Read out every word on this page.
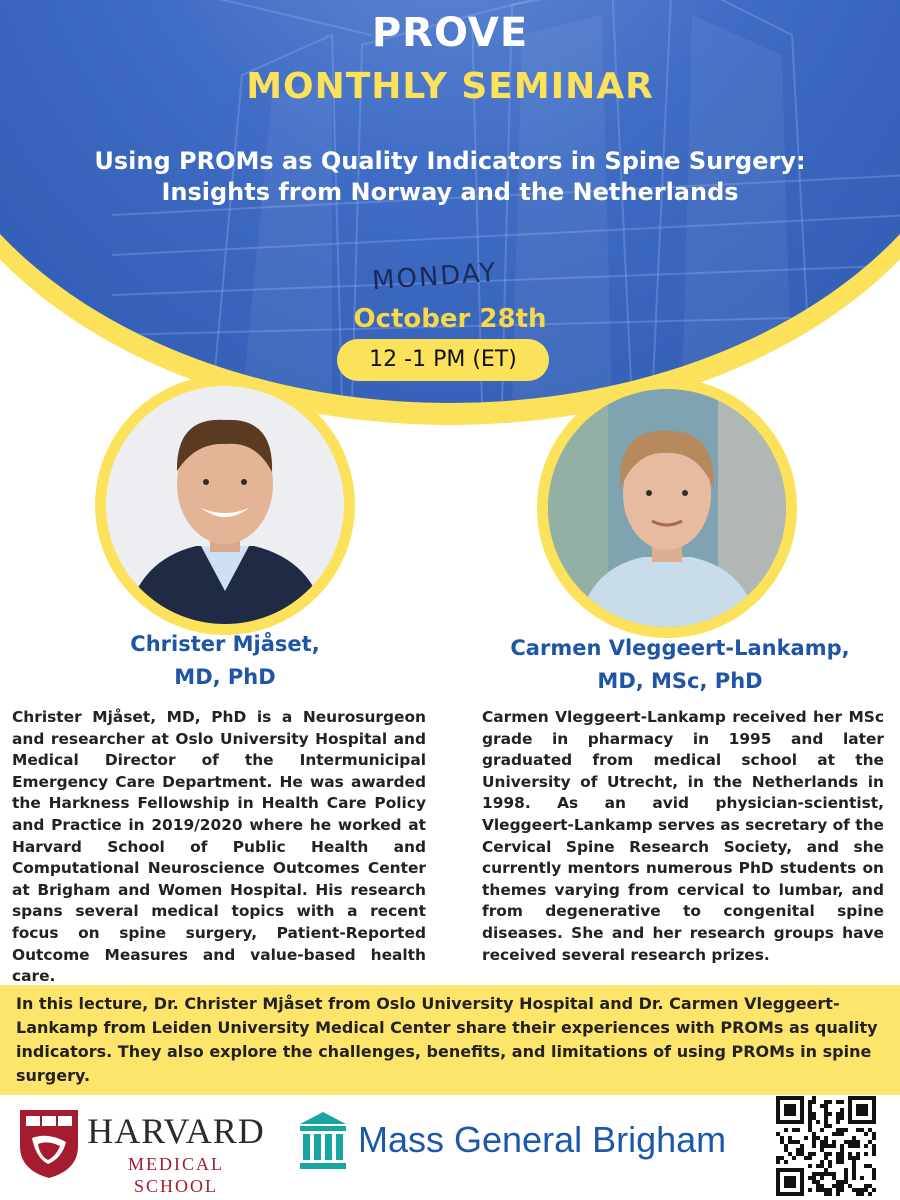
PROVE
MONTHLY SEMINAR
Using PROMs as Quality Indicators in Spine Surgery:
Insights from Norway and the Netherlands
MONDAY
October 28th
12 -1 PM (ET)
Christer Mjåset,
MD, PhD
Carmen Vleggeert-Lankamp,
MD, MSc, PhD
Christer Mjåset, MD, PhD is a Neurosurgeon and researcher at Oslo University Hospital and Medical Director of the Intermunicipal Emergency Care Department. He was awarded the Harkness Fellowship in Health Care Policy and Practice in 2019/2020 where he worked at Harvard School of Public Health and Computational Neuroscience Outcomes Center at Brigham and Women Hospital. His research spans several medical topics with a recent focus on spine surgery, Patient-Reported Outcome Measures and value-based health care.
Carmen Vleggeert-Lankamp received her MSc grade in pharmacy in 1995 and later graduated from medical school at the University of Utrecht, in the Netherlands in 1998. As an avid physician-scientist, Vleggeert-Lankamp serves as secretary of the Cervical Spine Research Society, and she currently mentors numerous PhD students on themes varying from cervical to lumbar, and from degenerative to congenital spine diseases. She and her research groups have received several research prizes.
In this lecture, Dr. Christer Mjåset from Oslo University Hospital and Dr. Carmen Vleggeert-Lankamp from Leiden University Medical Center share their experiences with PROMs as quality indicators. They also explore the challenges, benefits, and limitations of using PROMs in spine surgery.
HARVARD
MEDICAL SCHOOL
Mass General Brigham
